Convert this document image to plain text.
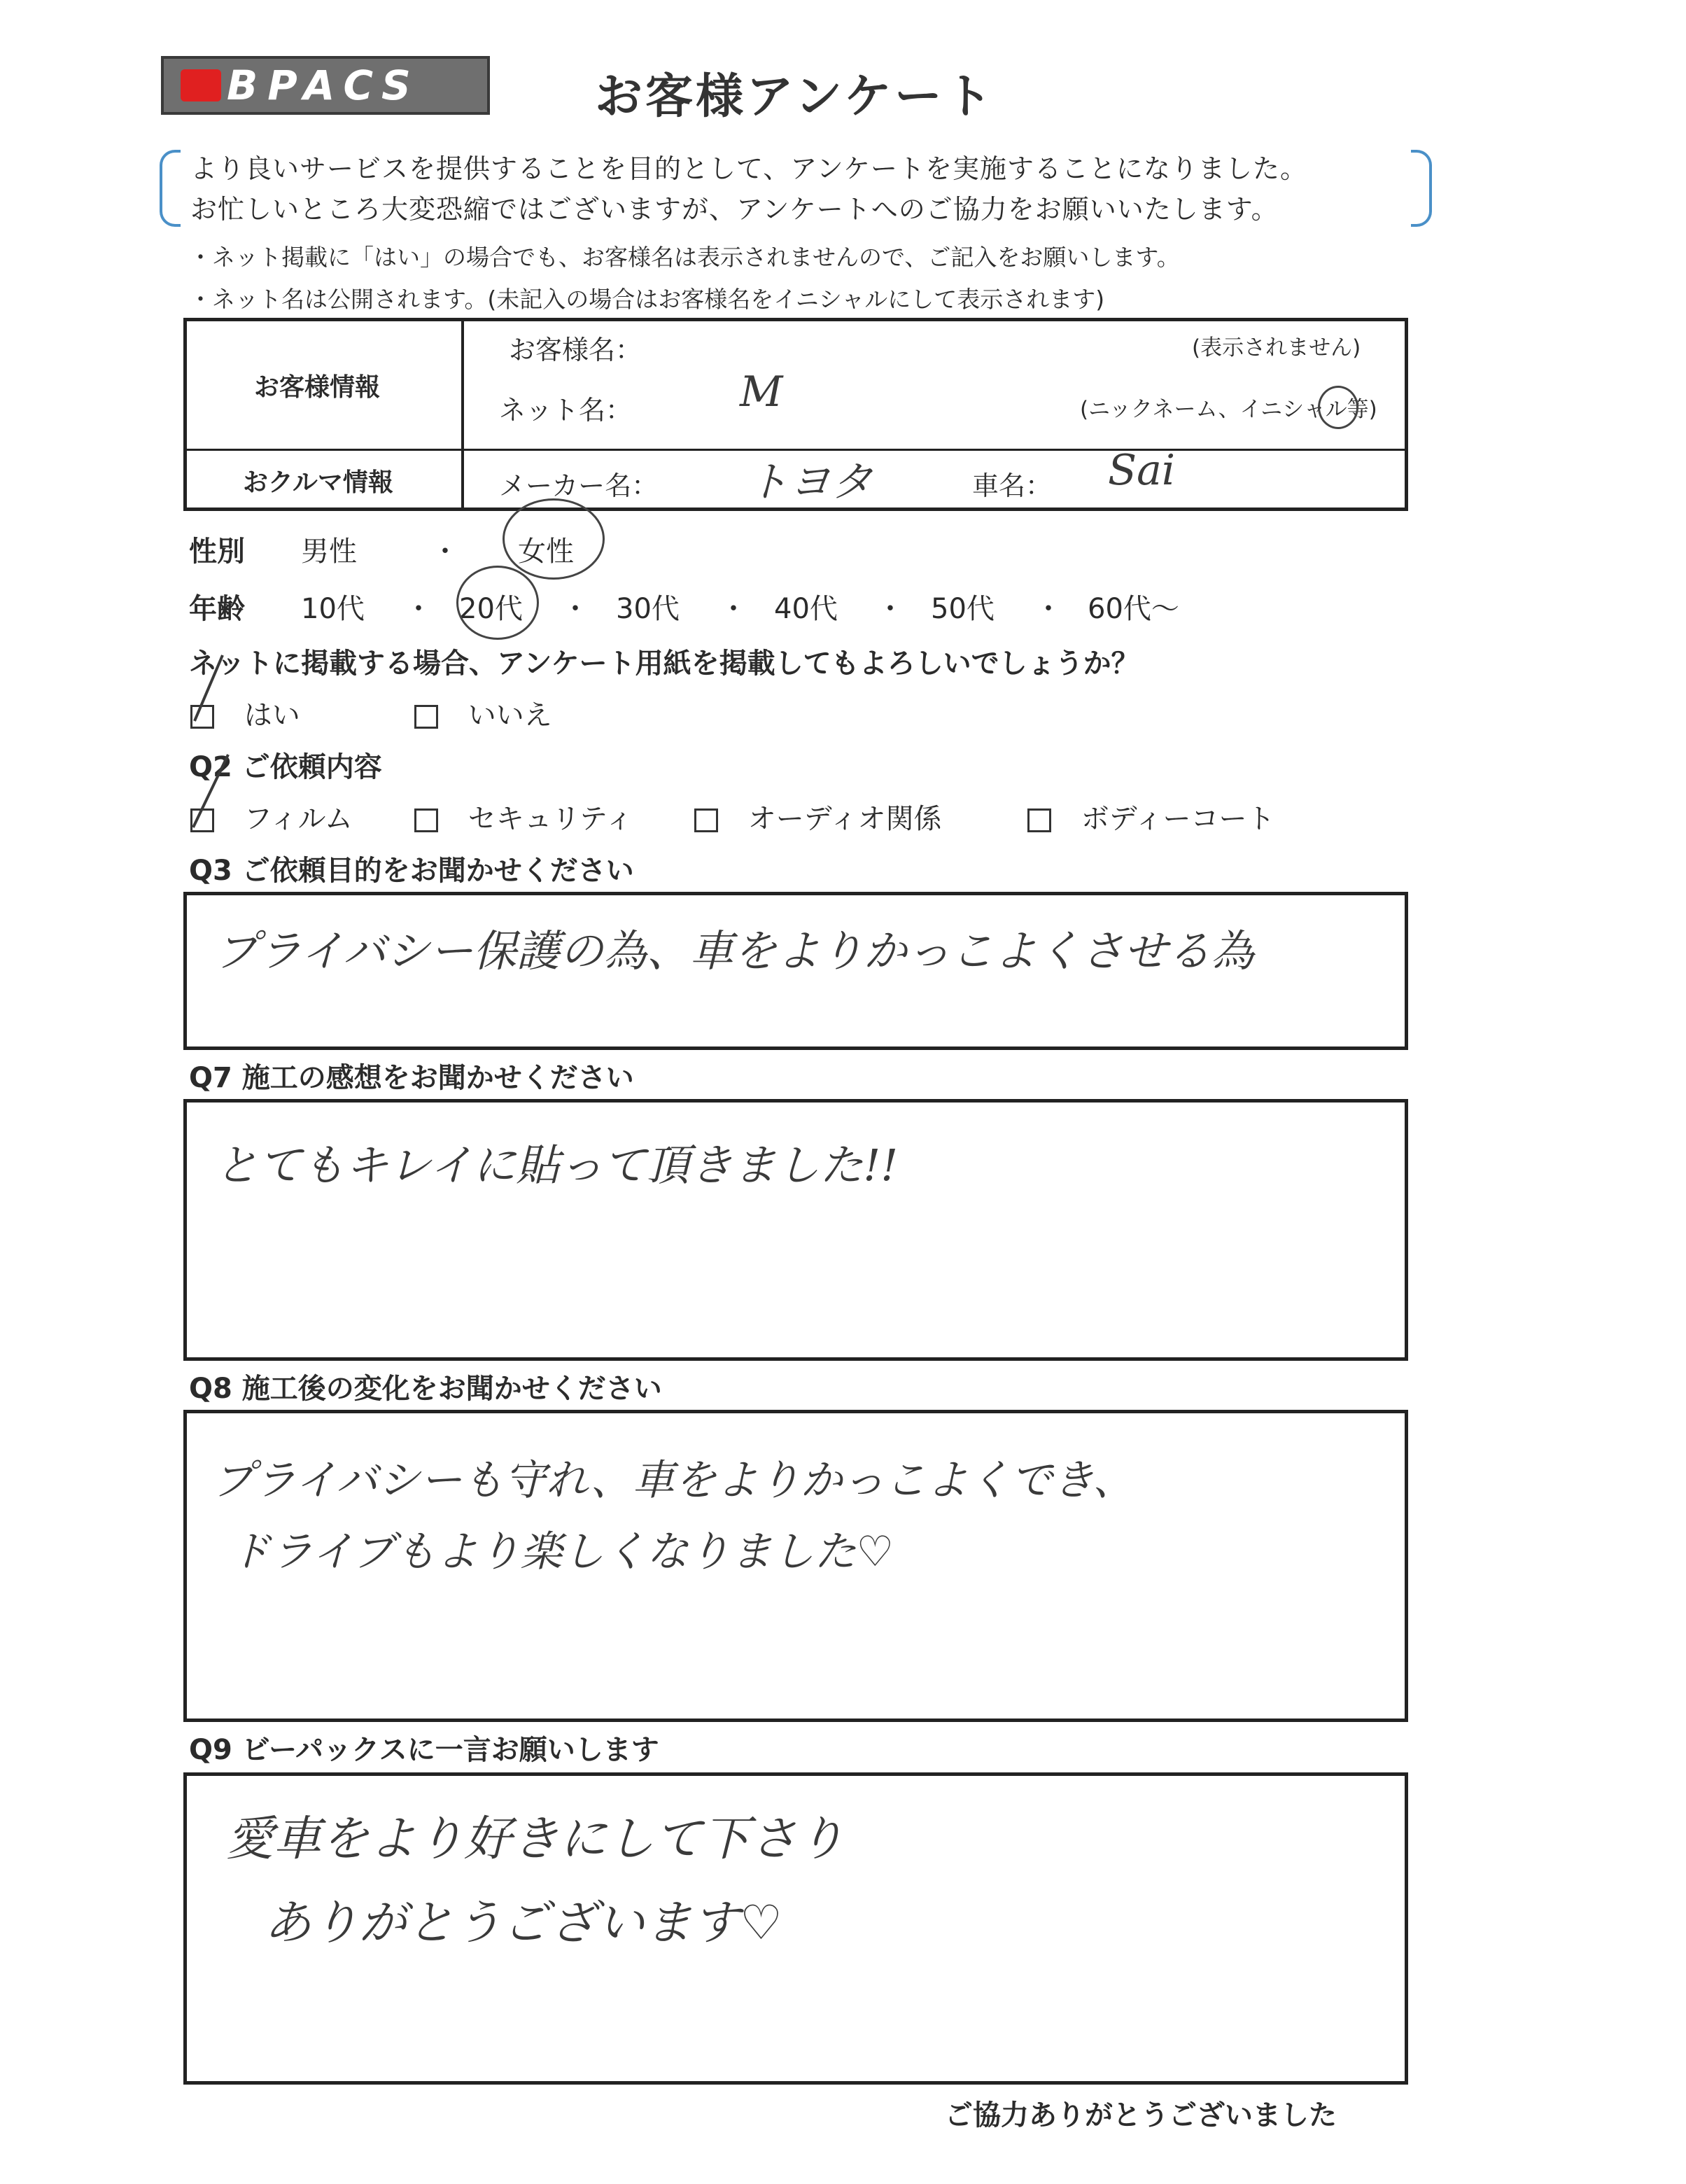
BPACS	お客様アンケート
より良いサービスを提供することを目的として、アンケートを実施することになりました。
お忙しいところ大変恐縮ではございますが、アンケートへのご協力をお願いいたします。
・ネット掲載に「はい」の場合でも、お客様名は表示されませんので、ご記入をお願いします。
・ネット名は公開されます。(未記入の場合はお客様名をイニシャルにして表示されます)
お客様情報
お客様名：	(表示されません)
ネット名：	M	(ニックネーム、イニシャル等)
おクルマ情報	メーカー名： トヨタ	車名： Sai
性別 男性	・ 女性
年齢 10代 ・ 20代 ・ 30代 ・ 40代 ・ 50代 ・ 60代〜
ネットに掲載する場合、アンケート用紙を掲載してもよろしいでしょうか？
はい	いいえ
Q2 ご依頼内容
フィルム	セキュリティ	オーディオ関係	ボディーコート
Q3 ご依頼目的をお聞かせください
プライバシー保護の為、車をよりかっこよくさせる為
Q7 施工の感想をお聞かせください
とてもキレイに貼って頂きました!!
Q8 施工後の変化をお聞かせください
プライバシーも守れ、車をよりかっこよくでき、
ドライブもより楽しくなりました♡
Q9 ビーパックスに一言お願いします
愛車をより好きにして下さり
ありがとうございます♡
ご協力ありがとうございました
